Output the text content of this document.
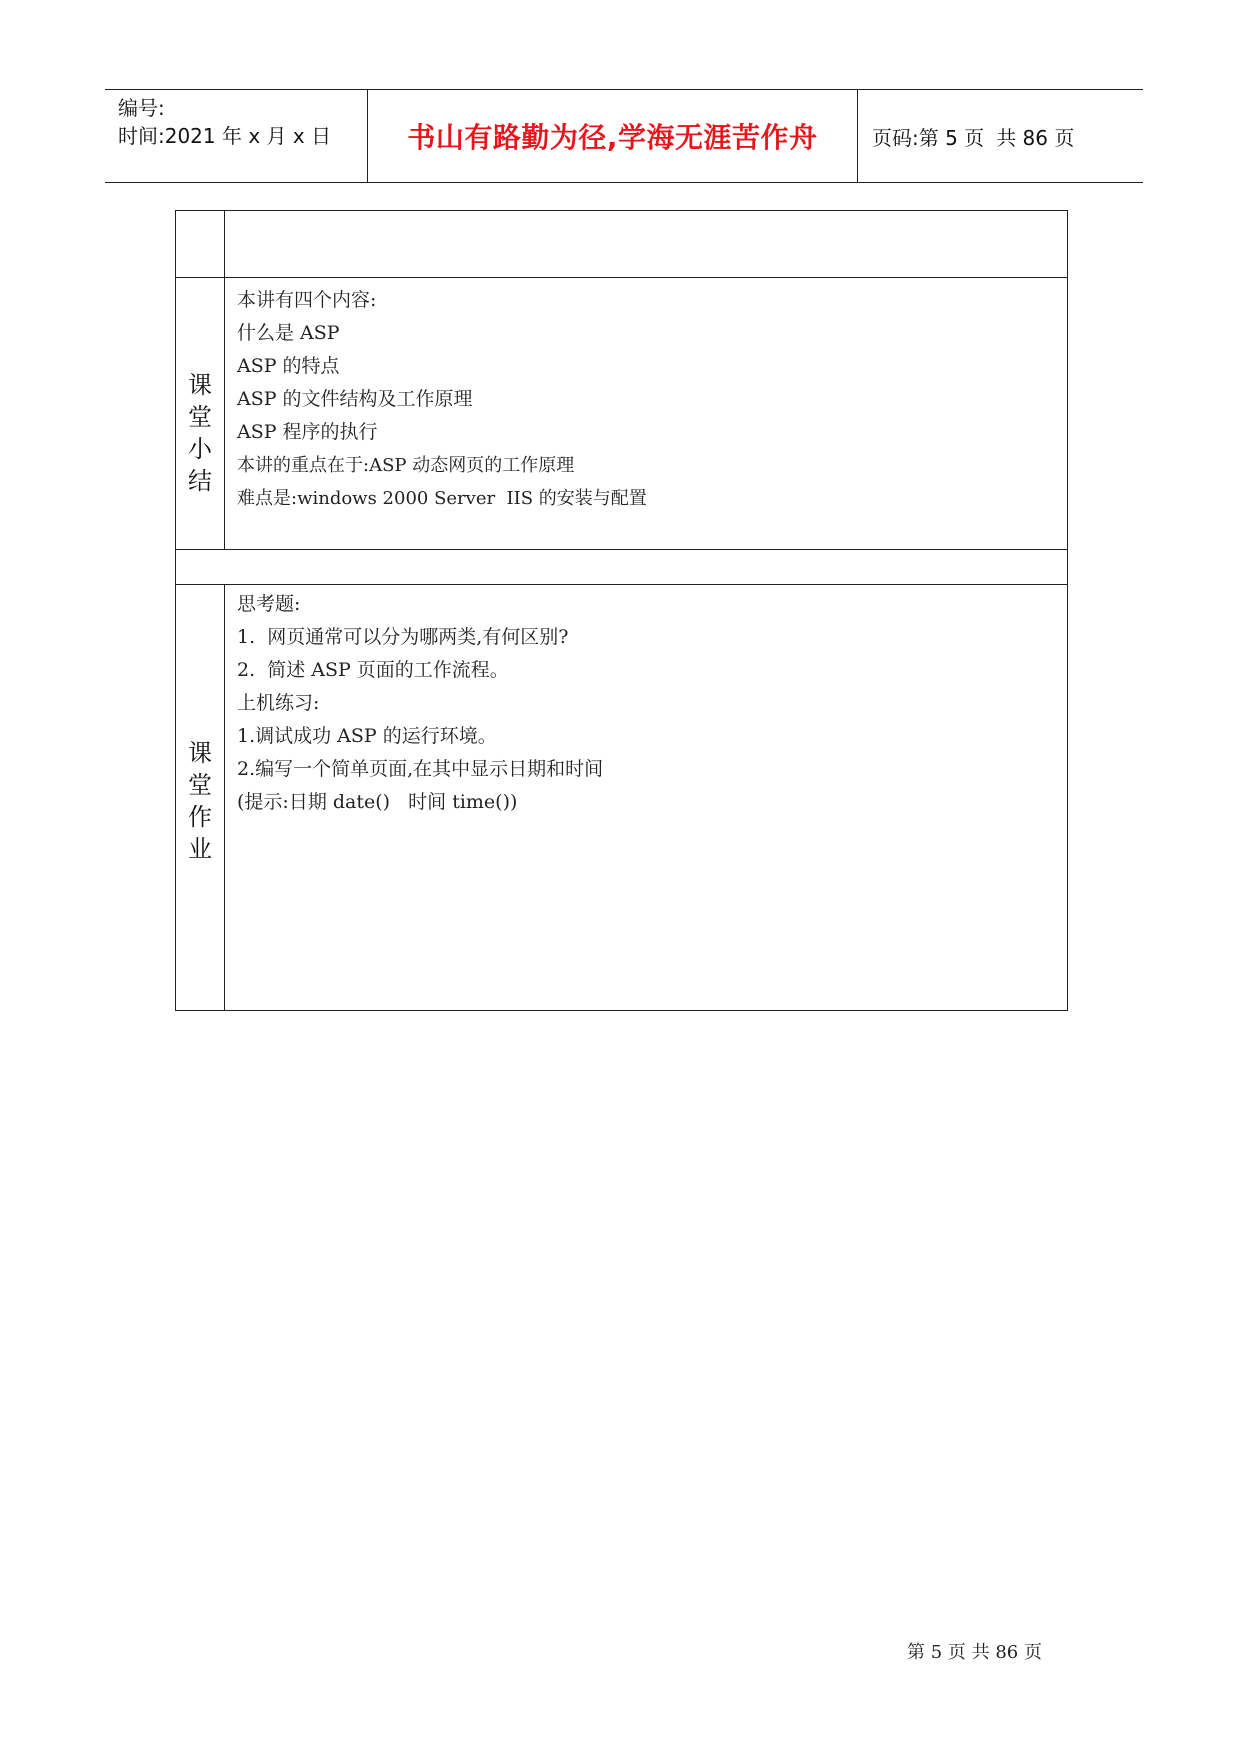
编号:
时间:2021 年 x 月 x 日	书山有路勤为径,学海无涯苦作舟	页码:第 5 页 共 86 页
课
堂
小
结
本讲有四个内容:
什么是 ASP
ASP 的特点
ASP 的文件结构及工作原理
ASP 程序的执行
本讲的重点在于:ASP 动态网页的工作原理
难点是:windows 2000 Server  IIS 的安装与配置
课
堂
作
业
思考题:
1.  网页通常可以分为哪两类,有何区别?
2.  简述 ASP 页面的工作流程。
上机练习:
1.调试成功 ASP 的运行环境。
2.编写一个简单页面,在其中显示日期和时间
(提示:日期 date()   时间 time())
第 5 页 共 86 页
